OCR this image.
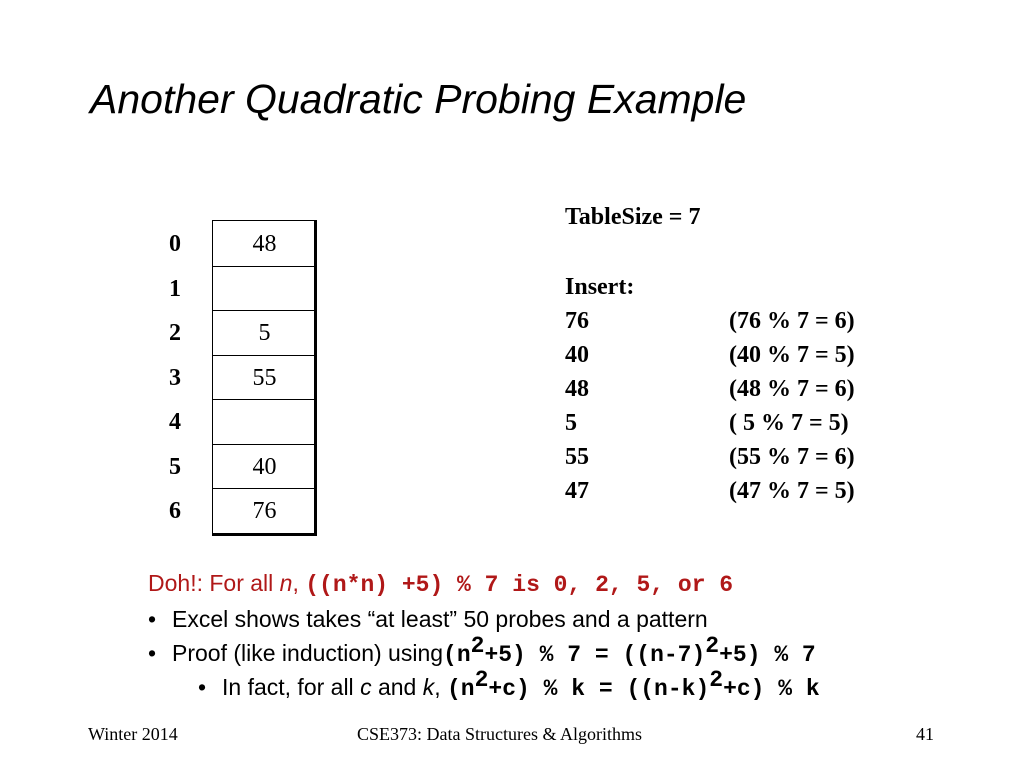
Another Quadratic Probing Example
0	48
1
2	5
3	55
4
5	40
6	76
TableSize = 7
Insert:
76	(76 % 7 = 6)
40	(40 % 7 = 5)
48	(48 % 7 = 6)
5	( 5 % 7 = 5)
55	(55 % 7 = 6)
47	(47 % 7 = 5)
Doh!: For all n, ((n*n) +5) % 7 is 0, 2, 5, or 6
• Excel shows takes “at least” 50 probes and a pattern
• Proof (like induction) $using(n^2+5)$ % $7 = ((n-7)^2+5)$ % 7
• In fact, for all c and k, $(n^2+c)$ % $k = ((n-k)^2+c)$ % k
Winter 2014	CSE373: Data Structures & Algorithms	41
